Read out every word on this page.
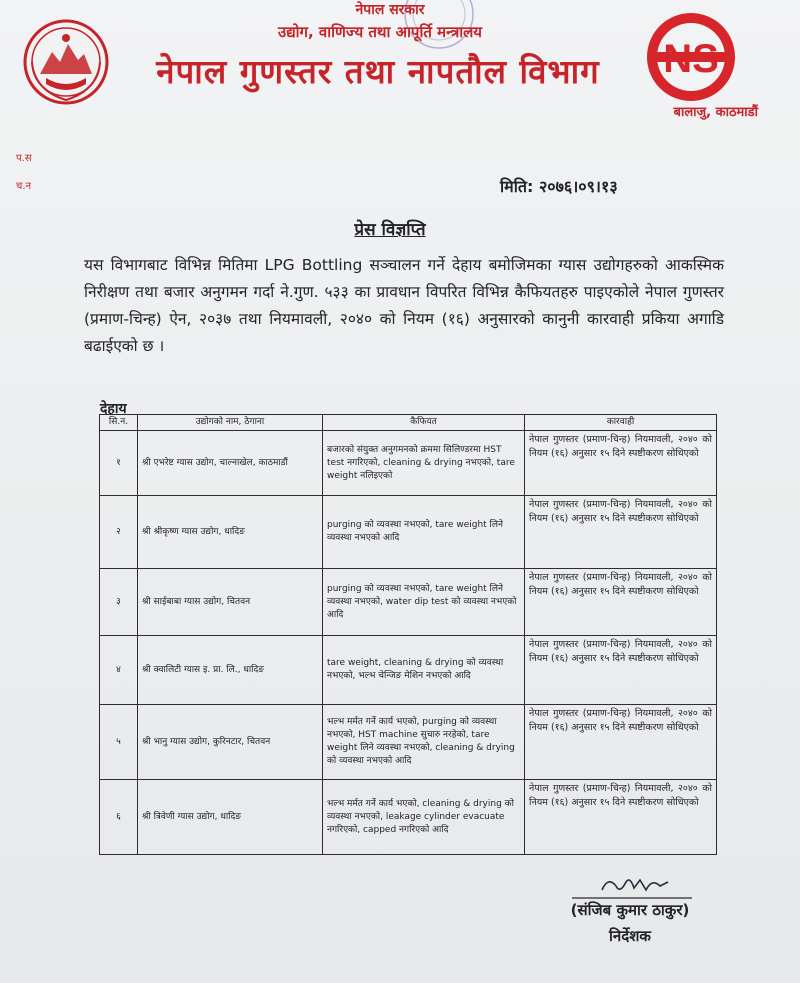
नेपाल सरकार
उद्योग, वाणिज्य तथा आपूर्ति मन्त्रालय
नेपाल गुणस्तर तथा नापतौल विभाग	NS
बालाजु, काठमाडौं
प.स
च.न	मिति: २०७६।०९।१३
प्रेस विज्ञप्ति
यस विभागबाट विभिन्न मितिमा LPG Bottling सञ्चालन गर्ने देहाय बमोजिमका ग्यास उद्योगहरुको आकस्मिक निरीक्षण तथा बजार अनुगमन गर्दा ने.गुण. ५३३ का प्रावधान विपरित विभिन्न कैफियतहरु पाइएकोले नेपाल गुणस्तर (प्रमाण-चिन्ह) ऐन, २०३७ तथा नियमावली, २०४० को नियम (१६) अनुसारको कानुनी कारवाही प्रकिया अगाडि बढाईएको छ ।
देहाय
सि.न.	उद्योगको नाम, ठेगाना	कैफियत	कारवाही
१	श्री एभरेष्ट ग्यास उद्योग, चाल्नाखेल, काठमाडौं	बजारको संयुक्त अनुगमनको क्रममा सिलिण्डरमा HST test नगरिएको, cleaning & drying नभएको, tare weight नलिइएको	नेपाल गुणस्तर (प्रमाण-चिन्ह) नियमावली, २०४० को नियम (१६) अनुसार १५ दिने स्पष्टीकरण सोधिएको
२	श्री श्रीकृष्ण ग्यास उद्योग, धादिङ	purging को व्यवस्था नभएको, tare weight लिने व्यवस्था नभएको आदि	नेपाल गुणस्तर (प्रमाण-चिन्ह) नियमावली, २०४० को नियम (१६) अनुसार १५ दिने स्पष्टीकरण सोधिएको
३	श्री साईबाबा ग्यास उद्योग, चितवन	purging को व्यवस्था नभएको, tare weight लिने व्यवस्था नभएको, water dip test को व्यवस्था नभएको आदि	नेपाल गुणस्तर (प्रमाण-चिन्ह) नियमावली, २०४० को नियम (१६) अनुसार १५ दिने स्पष्टीकरण सोधिएको
४	श्री क्वालिटी ग्यास इ. प्रा. लि., धादिङ	tare weight, cleaning & drying को व्यवस्था नभएको, भल्भ चेन्जिङ मेशिन नभएको आदि	नेपाल गुणस्तर (प्रमाण-चिन्ह) नियमावली, २०४० को नियम (१६) अनुसार १५ दिने स्पष्टीकरण सोधिएको
५	श्री भानु ग्यास उद्योग, कुरिनटार, चितवन	भल्भ मर्मत गर्ने कार्य भएको, purging को व्यवस्था नभएको, HST machine सुचारु नरहेको, tare weight लिने व्यवस्था नभएको, cleaning & drying को व्यवस्था नभएको आदि	नेपाल गुणस्तर (प्रमाण-चिन्ह) नियमावली, २०४० को नियम (१६) अनुसार १५ दिने स्पष्टीकरण सोधिएको
६	श्री त्रिवेणी ग्यास उद्योग, धादिङ	भल्भ मर्मत गर्ने कार्य भएको, cleaning & drying को व्यवस्था नभएको, leakage cylinder evacuate नगरिएको, capped नगरिएको आदि	नेपाल गुणस्तर (प्रमाण-चिन्ह) नियमावली, २०४० को नियम (१६) अनुसार १५ दिने स्पष्टीकरण सोधिएको
(संजिब कुमार ठाकुर)
निर्देशक
